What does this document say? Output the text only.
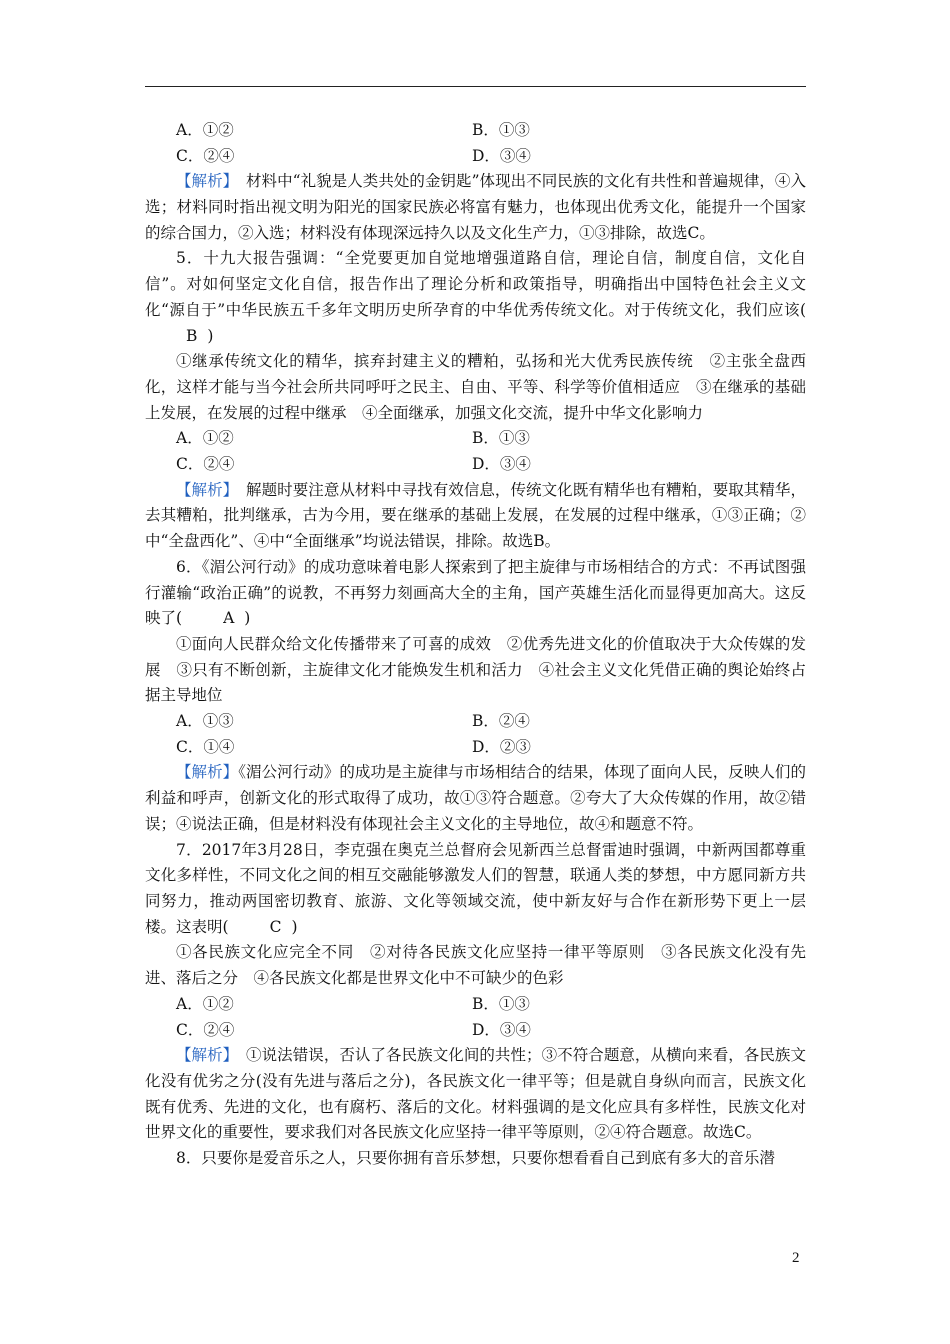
A．①②	B．①③
C．②④	D．③④

【解析】　 材料中“礼貌是人类共处的金钥匙”体现出不同民族的文化有共性和普遍规律，④入选；材料同时指出视文明为阳光的国家民族必将富有魅力，也体现出优秀文化，能提升一个国家的综合国力，②入选；材料没有体现深远持久以及文化生产力，①③排除，故选C。

5．十九大报告强调：“全党要更加自觉地增强道路自信，理论自信，制度自信，文化自信”。对如何坚定文化自信，报告作出了理论分析和政策指导，明确指出中国特色社会主义文化“源自于”中华民族五千多年文明历史所孕育的中华优秀传统文化。对于传统文化，我们应该(B )

①继承传统文化的精华，摈弃封建主义的糟粕，弘扬和光大优秀民族传统　②主张全盘西化，这样才能与当今社会所共同呼吁之民主、自由、平等、科学等价值相适应　③在继承的基础上发展，在发展的过程中继承　④全面继承，加强文化交流，提升中华文化影响力

A．①②	B．①③
C．②④	D．③④

【解析】　 解题时要注意从材料中寻找有效信息，传统文化既有精华也有糟粕，要取其精华，去其糟粕，批判继承，古为今用，要在继承的基础上发展，在发展的过程中继承，①③正确；②中“全盘西化”、④中“全面继承”均说法错误，排除。故选B。

6．《湄公河行动》的成功意味着电影人探索到了把主旋律与市场相结合的方式：不再试图强行灌输“政治正确”的说教，不再努力刻画高大全的主角，国产英雄生活化而显得更加高大。这反映了(	A )

①面向人民群众给文化传播带来了可喜的成效　②优秀先进文化的价值取决于大众传媒的发展　③只有不断创新，主旋律文化才能焕发生机和活力　④社会主义文化凭借正确的舆论始终占据主导地位

A．①③	B．②④
C．①④	D．②③

【解析】《湄公河行动》的成功是主旋律与市场相结合的结果，体现了面向人民，反映人们的利益和呼声，创新文化的形式取得了成功，故①③符合题意。②夸大了大众传媒的作用，故②错误；④说法正确，但是材料没有体现社会主义文化的主导地位，故④和题意不符。

7．2017年3月28日，李克强在奥克兰总督府会见新西兰总督雷迪时强调，中新两国都尊重文化多样性，不同文化之间的相互交融能够激发人们的智慧，联通人类的梦想，中方愿同新方共同努力，推动两国密切教育、旅游、文化等领域交流，使中新友好与合作在新形势下更上一层楼。这表明(	C )

①各民族文化应完全不同　②对待各民族文化应坚持一律平等原则　③各民族文化没有先进、落后之分　④各民族文化都是世界文化中不可缺少的色彩

A．①②	B．①③
C．②④	D．③④

【解析】　 ①说法错误，否认了各民族文化间的共性；③不符合题意，从横向来看，各民族文化没有优劣之分(没有先进与落后之分)，各民族文化一律平等；但是就自身纵向而言，民族文化既有优秀、先进的文化，也有腐朽、落后的文化。材料强调的是文化应具有多样性，民族文化对世界文化的重要性，要求我们对各民族文化应坚持一律平等原则，②④符合题意。故选C。

8．只要你是爱音乐之人，只要你拥有音乐梦想，只要你想看看自己到底有多大的音乐潜

2
